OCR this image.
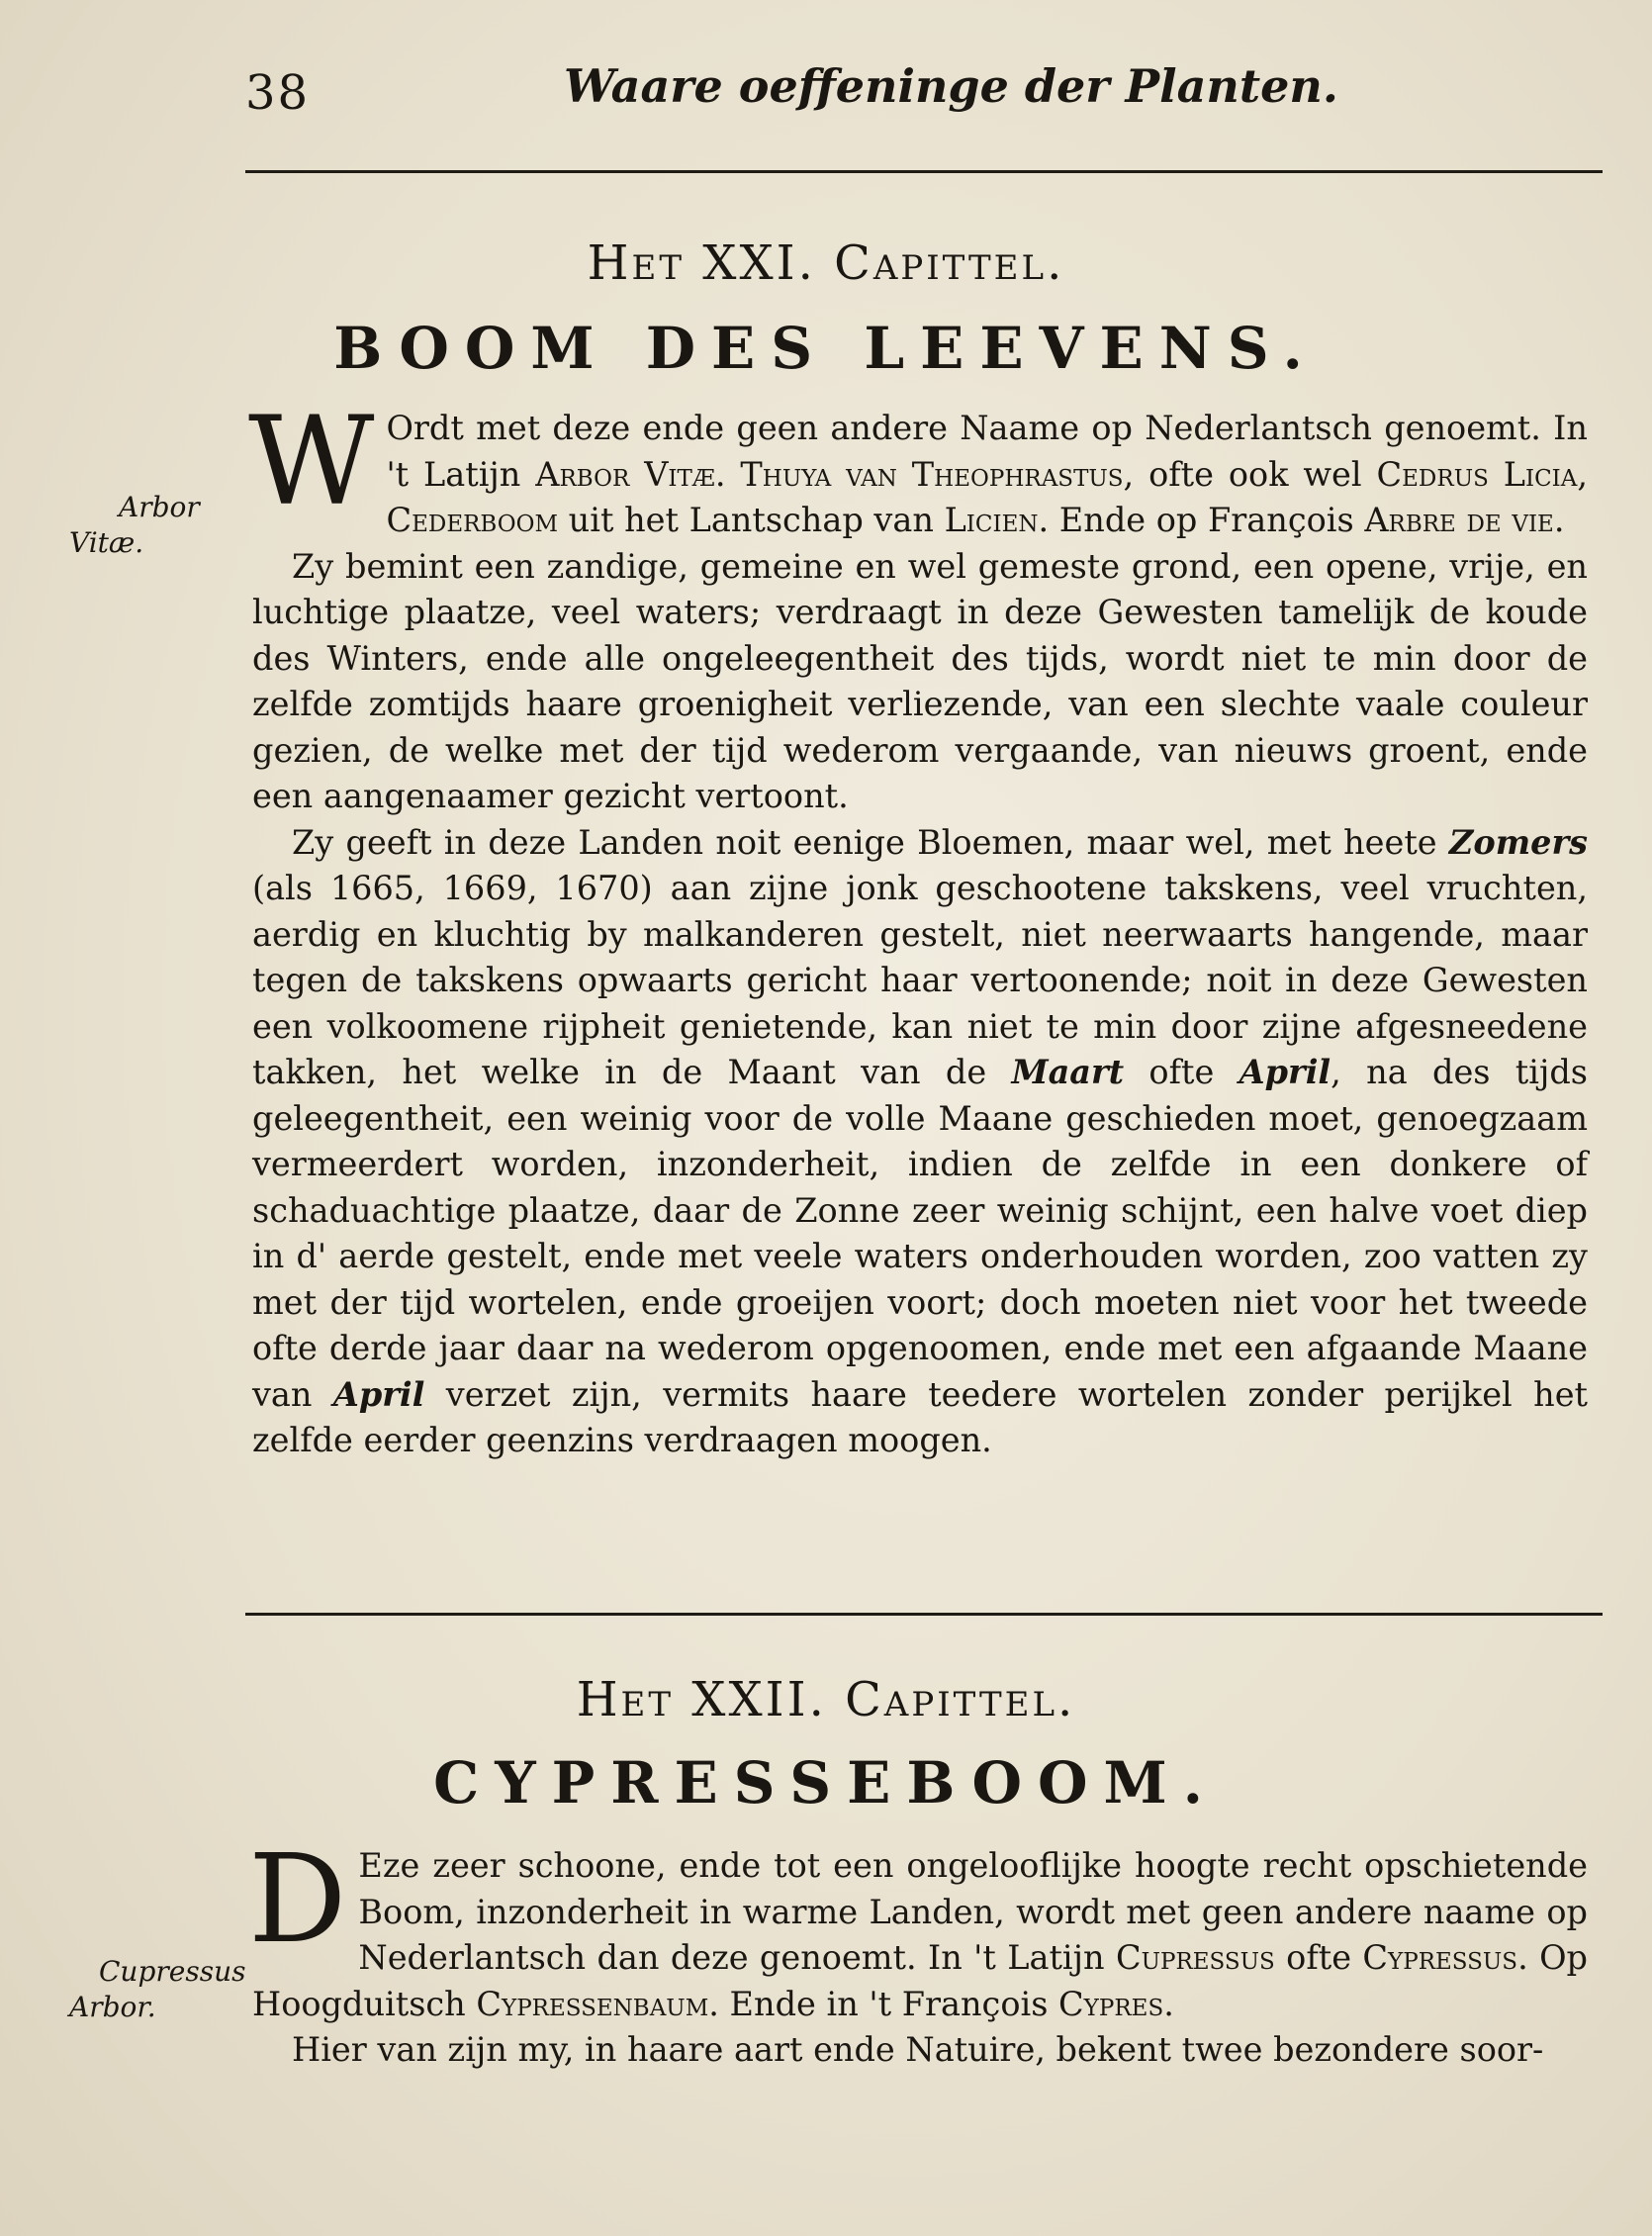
38	Waare oeffeninge der Planten.
Het XXI. Capittel.
BOOM DES LEEVENS.
Arbor
Vitæ.

W Ordt met deze ende geen andere Naame op Nederlantsch genoemt. In 't Latijn Arbor Vitæ. Thuya van Theophrastus, ofte ook wel Cedrus Licia, Cederboom uit het Lantschap van Licien. Ende op François Arbre de vie.

Zy bemint een zandige, gemeine en wel gemeste grond, een opene, vrije, en luchtige plaatze, veel waters; verdraagt in deze Gewesten tamelijk de koude des Winters, ende alle ongeleegentheit des tijds, wordt niet te min door de zelfde zomtijds haare groenigheit verliezende, van een slechte vaale couleur gezien, de welke met der tijd wederom vergaande, van nieuws groent, ende een aangenaamer gezicht vertoont.

Zy geeft in deze Landen noit eenige Bloemen, maar wel, met heete Zomers (als 1665, 1669, 1670) aan zijne jonk geschootene takskens, veel vruchten, aerdig en kluchtig by malkanderen gestelt, niet neerwaarts hangende, maar tegen de takskens opwaarts gericht haar vertoonende; noit in deze Gewesten een volkoomene rijpheit genietende, kan niet te min door zijne afgesneedene takken, het welke in de Maant van de Maart ofte April, na des tijds geleegentheit, een weinig voor de volle Maane geschieden moet, genoegzaam vermeerdert worden, inzonderheit, indien de zelfde in een donkere of schaduachtige plaatze, daar de Zonne zeer weinig schijnt, een halve voet diep in d' aerde gestelt, ende met veele waters onderhouden worden, zoo vatten zy met der tijd wortelen, ende groeijen voort; doch moeten niet voor het tweede ofte derde jaar daar na wederom opgenoomen, ende met een afgaande Maane van April verzet zijn, vermits haare teedere wortelen zonder perijkel het zelfde eerder geenzins verdraagen moogen.

Het XXII. Capittel.
CYPRESSEBOOM.
Cupressus
Arbor.

D Eze zeer schoone, ende tot een ongelooflijke hoogte recht opschietende Boom, inzonderheit in warme Landen, wordt met geen andere naame op Nederlantsch dan deze genoemt. In 't Latijn Cupressus ofte Cypressus. Op Hoogduitsch Cypressenbaum. Ende in 't François Cypres.

Hier van zijn my, in haare aart ende Natuire, bekent twee bezondere soor-
